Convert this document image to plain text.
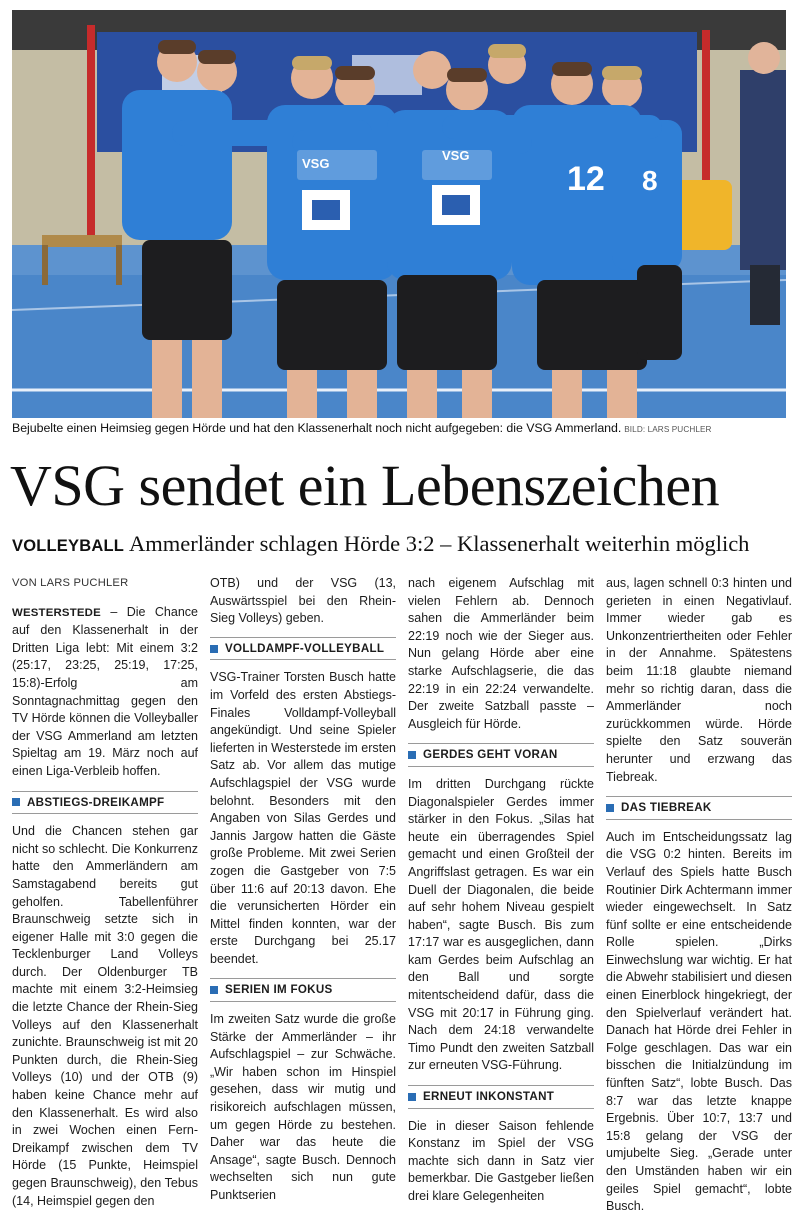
VSG
VSG
12 8
Bejubelte einen Heimsieg gegen Hörde und hat den Klassenerhalt noch nicht aufgegeben: die VSG Ammerland. BILD: LARS PUCHLER
VSG sendet ein Lebenszeichen
VOLLEYBALL Ammerländer schlagen Hörde 3:2 – Klassenerhalt weiterhin möglich

VON LARS PUCHLER

WESTERSTEDE – Die Chance auf den Klassenerhalt in der Dritten Liga lebt: Mit einem 3:2 (25:17, 23:25, 25:19, 17:25, 15:8)-Erfolg am Sonntagnachmittag gegen den TV Hörde können die Volleyballer der VSG Ammerland am letzten Spieltag am 19. März noch auf einen Liga-Verbleib hoffen.

ABSTIEGS-DREIKAMPF

Und die Chancen stehen gar nicht so schlecht. Die Konkurrenz hatte den Ammerländern am Samstagabend bereits gut geholfen. Tabellenführer Braunschweig setzte sich in eigener Halle mit 3:0 gegen die Tecklenburger Land Volleys durch. Der Oldenburger TB machte mit einem 3:2-Heimsieg die letzte Chance der Rhein-Sieg Volleys auf den Klassenerhalt zunichte. Braunschweig ist mit 20 Punkten durch, die Rhein-Sieg Volleys (10) und der OTB (9) haben keine Chance mehr auf den Klassenerhalt. Es wird also in zwei Wochen einen Fern-Dreikampf zwischen dem TV Hörde (15 Punkte, Heimspiel gegen Braunschweig), den Tebus (14, Heimspiel gegen den

OTB) und der VSG (13, Auswärtsspiel bei den Rhein-Sieg Volleys) geben.

VOLLDAMPF-VOLLEYBALL

VSG-Trainer Torsten Busch hatte im Vorfeld des ersten Abstiegs-Finales Volldampf-Volleyball angekündigt. Und seine Spieler lieferten in Westerstede im ersten Satz ab. Vor allem das mutige Aufschlagspiel der VSG wurde belohnt. Besonders mit den Angaben von Silas Gerdes und Jannis Jargow hatten die Gäste große Probleme. Mit zwei Serien zogen die Gastgeber von 7:5 über 11:6 auf 20:13 davon. Ehe die verunsicherten Hörder ein Mittel finden konnten, war der erste Durchgang bei 25.17 beendet.

SERIEN IM FOKUS

Im zweiten Satz wurde die große Stärke der Ammerländer – ihr Aufschlagspiel – zur Schwäche. „Wir haben schon im Hinspiel gesehen, dass wir mutig und risikoreich aufschlagen müssen, um gegen Hörde zu bestehen. Daher war das heute die Ansage“, sagte Busch. Dennoch wechselten sich nun gute Punktserien

nach eigenem Aufschlag mit vielen Fehlern ab. Dennoch sahen die Ammerländer beim 22:19 noch wie der Sieger aus. Nun gelang Hörde aber eine starke Aufschlagserie, die das 22:19 in ein 22:24 verwandelte. Der zweite Satzball passte – Ausgleich für Hörde.

GERDES GEHT VORAN

Im dritten Durchgang rückte Diagonalspieler Gerdes immer stärker in den Fokus. „Silas hat heute ein überragendes Spiel gemacht und einen Großteil der Angriffslast getragen. Es war ein Duell der Diagonalen, die beide auf sehr hohem Niveau gespielt haben“, sagte Busch. Bis zum 17:17 war es ausgeglichen, dann kam Gerdes beim Aufschlag an den Ball und sorgte mitentscheidend dafür, dass die VSG mit 20:17 in Führung ging. Nach dem 24:18 verwandelte Timo Pundt den zweiten Satzball zur erneuten VSG-Führung.

ERNEUT INKONSTANT

Die in dieser Saison fehlende Konstanz im Spiel der VSG machte sich dann in Satz vier bemerkbar. Die Gastgeber ließen drei klare Gelegenheiten

aus, lagen schnell 0:3 hinten und gerieten in einen Negativlauf. Immer wieder gab es Unkonzentriertheiten oder Fehler in der Annahme. Spätestens beim 11:18 glaubte niemand mehr so richtig daran, dass die Ammerländer noch zurückkommen würde. Hörde spielte den Satz souverän herunter und erzwang das Tiebreak.

DAS TIEBREAK

Auch im Entscheidungssatz lag die VSG 0:2 hinten. Bereits im Verlauf des Spiels hatte Busch Routinier Dirk Achtermann immer wieder eingewechselt. In Satz fünf sollte er eine entscheidende Rolle spielen. „Dirks Einwechslung war wichtig. Er hat die Abwehr stabilisiert und diesen einen Einerblock hingekriegt, der den Spielverlauf verändert hat. Danach hat Hörde drei Fehler in Folge geschlagen. Das war ein bisschen die Initialzündung im fünften Satz“, lobte Busch. Das 8:7 war das letzte knappe Ergebnis. Über 10:7, 13:7 und 15:8 gelang der VSG der umjubelte Sieg. „Gerade unter den Umständen haben wir ein geiles Spiel gemacht“, lobte Busch.
